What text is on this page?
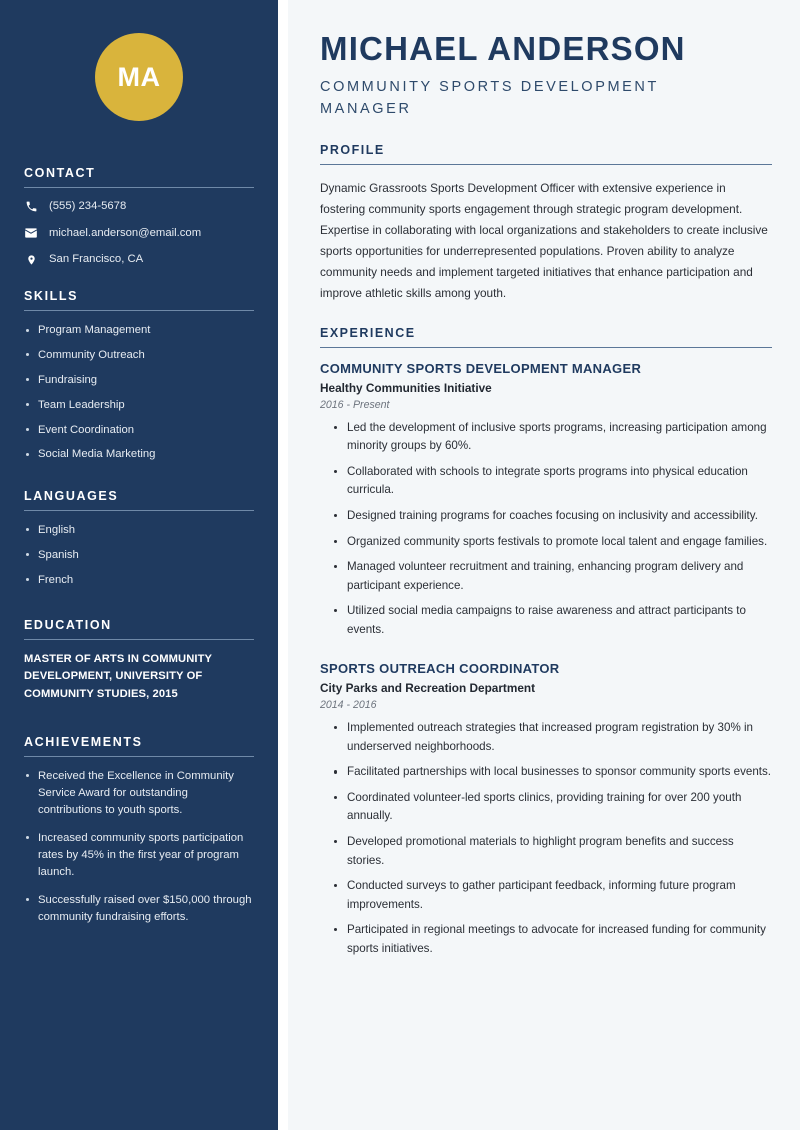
MA
CONTACT
(555) 234-5678
michael.anderson@email.com
San Francisco, CA
SKILLS
Program Management
Community Outreach
Fundraising
Team Leadership
Event Coordination
Social Media Marketing
LANGUAGES
English
Spanish
French
EDUCATION
MASTER OF ARTS IN COMMUNITY DEVELOPMENT, UNIVERSITY OF COMMUNITY STUDIES, 2015
ACHIEVEMENTS
Received the Excellence in Community Service Award for outstanding contributions to youth sports.
Increased community sports participation rates by 45% in the first year of program launch.
Successfully raised over $150,000 through community fundraising efforts.
MICHAEL ANDERSON
COMMUNITY SPORTS DEVELOPMENT MANAGER
PROFILE

Dynamic Grassroots Sports Development Officer with extensive experience in fostering community sports engagement through strategic program development. Expertise in collaborating with local organizations and stakeholders to create inclusive sports opportunities for underrepresented populations. Proven ability to analyze community needs and implement targeted initiatives that enhance participation and improve athletic skills among youth.

EXPERIENCE
COMMUNITY SPORTS DEVELOPMENT MANAGER
Healthy Communities Initiative
2016 - Present
Led the development of inclusive sports programs, increasing participation among minority groups by 60%.
Collaborated with schools to integrate sports programs into physical education curricula.
Designed training programs for coaches focusing on inclusivity and accessibility.
Organized community sports festivals to promote local talent and engage families.
Managed volunteer recruitment and training, enhancing program delivery and participant experience.
Utilized social media campaigns to raise awareness and attract participants to events.
SPORTS OUTREACH COORDINATOR
City Parks and Recreation Department
2014 - 2016
Implemented outreach strategies that increased program registration by 30% in underserved neighborhoods.
Facilitated partnerships with local businesses to sponsor community sports events.
Coordinated volunteer-led sports clinics, providing training for over 200 youth annually.
Developed promotional materials to highlight program benefits and success stories.
Conducted surveys to gather participant feedback, informing future program improvements.
Participated in regional meetings to advocate for increased funding for community sports initiatives.
